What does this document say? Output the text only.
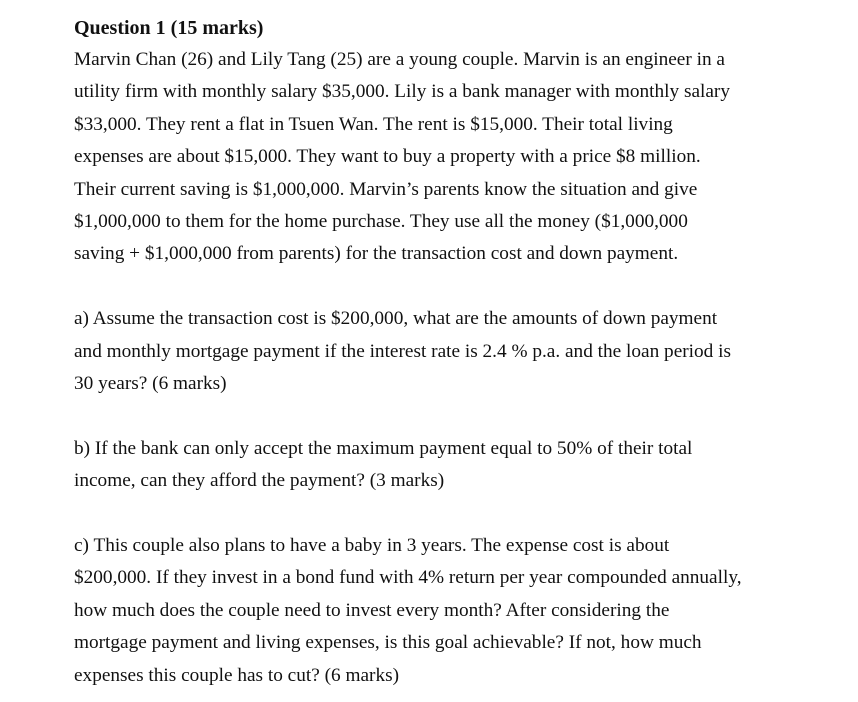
Question 1 (15 marks)

Marvin Chan (26) and Lily Tang (25) are a young couple. Marvin is an engineer in a
utility firm with monthly salary $35,000. Lily is a bank manager with monthly salary
$33,000. They rent a flat in Tsuen Wan. The rent is $15,000. Their total living
expenses are about $15,000. They want to buy a property with a price $8 million.
Their current saving is $1,000,000. Marvin’s parents know the situation and give
$1,000,000 to them for the home purchase. They use all the money ($1,000,000
saving + $1,000,000 from parents) for the transaction cost and down payment.

a) Assume the transaction cost is $200,000, what are the amounts of down payment
and monthly mortgage payment if the interest rate is 2.4 % p.a. and the loan period is
30 years? (6 marks)

b) If the bank can only accept the maximum payment equal to 50% of their total
income, can they afford the payment? (3 marks)

c) This couple also plans to have a baby in 3 years. The expense cost is about
$200,000. If they invest in a bond fund with 4% return per year compounded annually,
how much does the couple need to invest every month? After considering the
mortgage payment and living expenses, is this goal achievable? If not, how much
expenses this couple has to cut? (6 marks)
